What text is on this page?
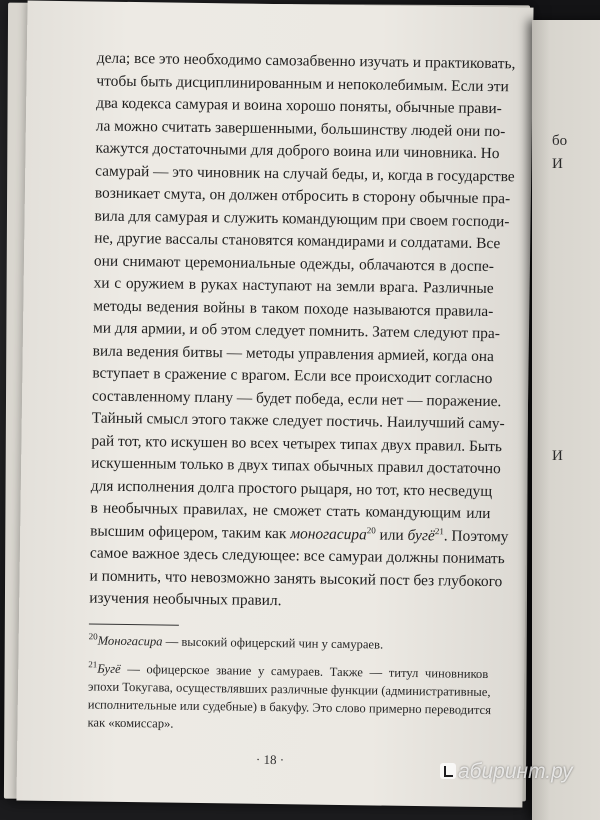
дела; все это необходимо самозабвенно изучать и практиковать,
чтобы быть дисциплинированным и непоколебимым. Если эти
два кодекса самурая и воина хорошо поняты, обычные прави-
ла можно считать завершенными, большинству людей они по-
кажутся достаточными для доброго воина или чиновника. Но
самурай — это чиновник на случай беды, и, когда в государстве
возникает смута, он должен отбросить в сторону обычные пра-
вила для самурая и служить командующим при своем господи-
не, другие вассалы становятся командирами и солдатами. Все
они снимают церемониальные одежды, облачаются в доспе-
хи с оружием в руках наступают на земли врага. Различные
методы ведения войны в таком походе называются правила-
ми для армии, и об этом следует помнить. Затем следуют пра-
вила ведения битвы — методы управления армией, когда она
вступает в сражение с врагом. Если все происходит согласно
составленному плану — будет победа, если нет — поражение.
Тайный смысл этого также следует постичь. Наилучший саму-
рай тот, кто искушен во всех четырех типах двух правил. Быть
искушенным только в двух типах обычных правил достаточно
для исполнения долга простого рыцаря, но тот, кто несведущ
в необычных правилах, не сможет стать командующим или
высшим офицером, таким как моногасира$^{20}$ или бугё$^{21}$. Поэтому
самое важное здесь следующее: все самураи должны понимать
и помнить, что невозможно занять высокий пост без глубокого
изучения необычных правил.
$^{20}$Моногасира — высокий офицерский чин у самураев.
$^{21}$Бугё — офицерское звание у самураев. Также — титул чиновников
эпохи Токугава, осуществлявших различные функции (административные,
исполнительные или судебные) в бакуфу. Это слово примерно переводится
как «комиссар».
· 18 ·
бо
И

И
абиринт.ру
